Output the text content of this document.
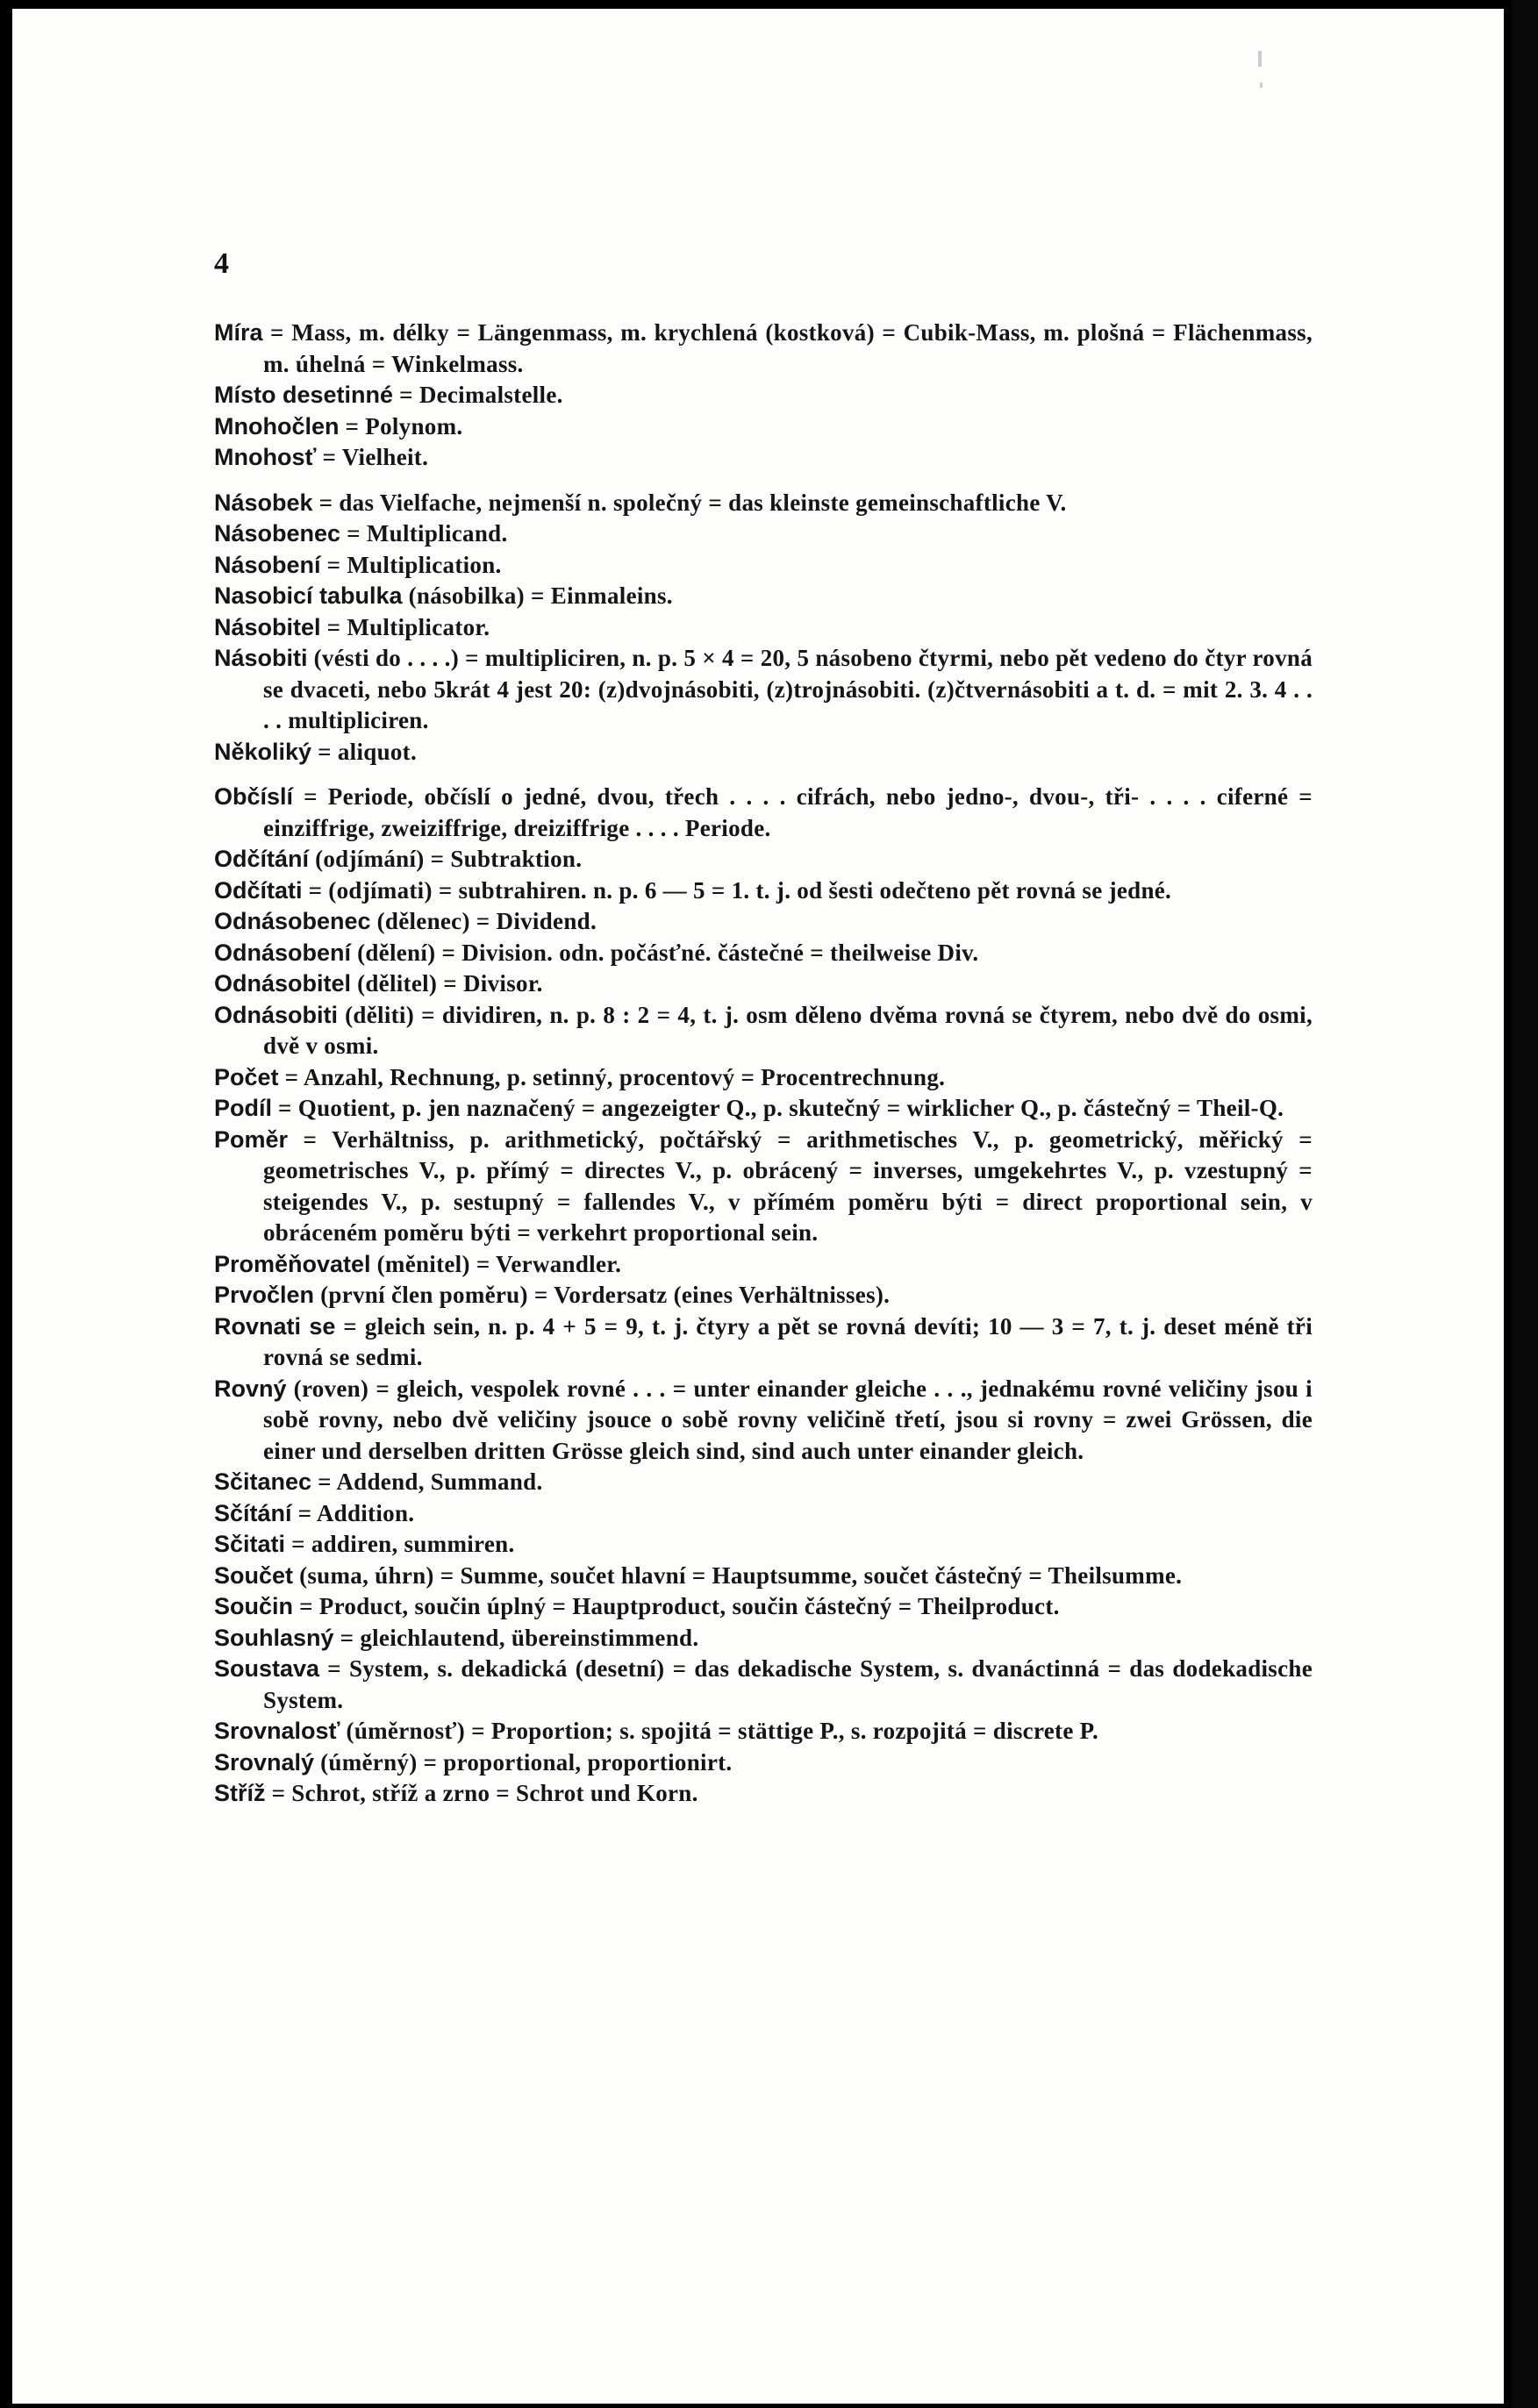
4

Míra = Mass, m. délky = Längenmass, m. krychlená (kostková) = Cubik-Mass, m. plošná = Flächenmass, m. úhelná = Winkelmass.

Místo desetinné = Decimalstelle.

Mnohočlen = Polynom.

Mnohosť = Vielheit.

Násobek = das Vielfache, nejmenší n. společný = das kleinste gemeinschaftliche V.

Násobenec = Multiplicand.

Násobení = Multiplication.

Nasobicí tabulka (násobilka) = Einmaleins.

Násobitel = Multiplicator.

Násobiti (vésti do . . . .) = multipliciren, n. p. 5 × 4 = 20, 5 násobeno čtyrmi, nebo pět vedeno do čtyr rovná se dvaceti, nebo 5krát 4 jest 20: (z)dvojnásobiti, (z)trojnásobiti. (z)čtvernásobiti a t. d. = mit 2. 3. 4 . . . . multipliciren.

Několiký = aliquot.

Občíslí = Periode, občíslí o jedné, dvou, třech . . . . cifrách, nebo jedno-, dvou-, tři- . . . . ciferné = einziffrige, zweiziffrige, dreiziffrige . . . . Periode.

Odčítání (odjímání) = Subtraktion.

Odčítati = (odjímati) = subtrahiren. n. p. 6 — 5 = 1. t. j. od šesti odečteno pět rovná se jedné.

Odnásobenec (dělenec) = Dividend.

Odnásobení (dělení) = Division. odn. počásťné. částečné = theilweise Div.

Odnásobitel (dělitel) = Divisor.

Odnásobiti (děliti) = dividiren, n. p. 8 : 2 = 4, t. j. osm děleno dvěma rovná se čtyrem, nebo dvě do osmi, dvě v osmi.

Počet = Anzahl, Rechnung, p. setinný, procentový = Procentrechnung.

Podíl = Quotient, p. jen naznačený = angezeigter Q., p. skutečný = wirklicher Q., p. částečný = Theil-Q.

Poměr = Verhältniss, p. arithmetický, počtářský = arithmetisches V., p. geometrický, měřický = geometrisches V., p. přímý = directes V., p. obrácený = inverses, umgekehrtes V., p. vzestupný = steigendes V., p. sestupný = fallendes V., v přímém poměru býti = direct proportional sein, v obráceném poměru býti = verkehrt proportional sein.

Proměňovatel (měnitel) = Verwandler.

Prvočlen (první člen poměru) = Vordersatz (eines Verhältnisses).

Rovnati se = gleich sein, n. p. 4 + 5 = 9, t. j. čtyry a pět se rovná devíti; 10 — 3 = 7, t. j. deset méně tři rovná se sedmi.

Rovný (roven) = gleich, vespolek rovné . . . = unter einander gleiche . . ., jednakému rovné veličiny jsou i sobě rovny, nebo dvě veličiny jsouce o sobě rovny veličině třetí, jsou si rovny = zwei Grössen, die einer und derselben dritten Grösse gleich sind, sind auch unter einander gleich.

Sčitanec = Addend, Summand.

Sčítání = Addition.

Sčitati = addiren, summiren.

Součet (suma, úhrn) = Summe, součet hlavní = Hauptsumme, součet částečný = Theilsumme.

Součin = Product, součin úplný = Hauptproduct, součin částečný = Theilproduct.

Souhlasný = gleichlautend, übereinstimmend.

Soustava = System, s. dekadická (desetní) = das dekadische System, s. dvanáctinná = das dodekadische System.

Srovnalosť (úměrnosť) = Proportion; s. spojitá = stättige P., s. rozpojitá = discrete P.

Srovnalý (úměrný) = proportional, proportionirt.

Stříž = Schrot, stříž a zrno = Schrot und Korn.
